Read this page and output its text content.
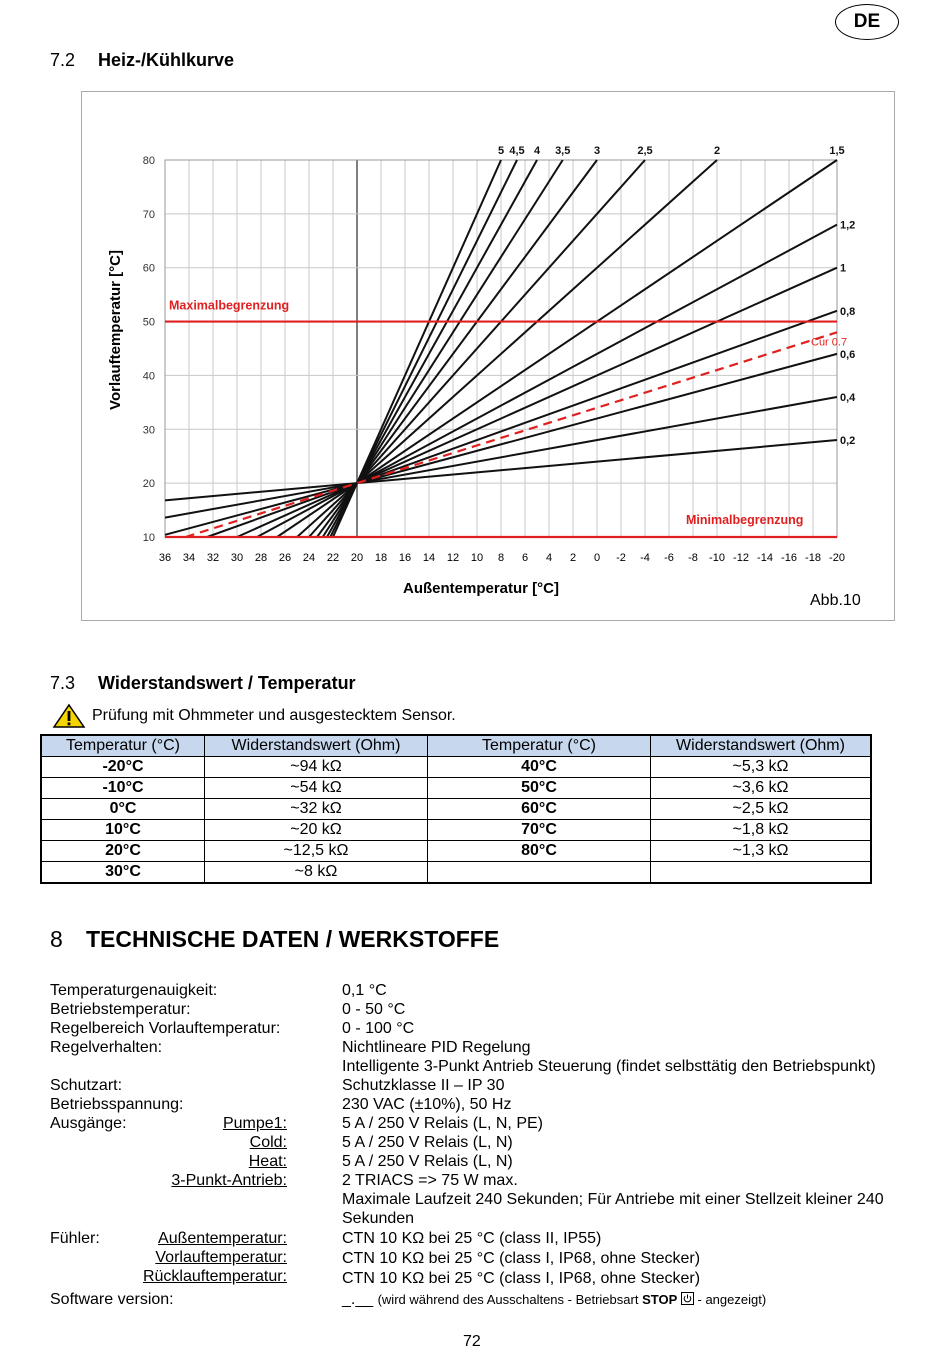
DE
7.2 Heiz-/Kühlkurve
36 34 32 30 28 26 24 22 20 18 16 14 12 10 8 6 4 2 0 -2 -4 -6 -8 -10 -12 -14 -16 -18 -20
80
70
60
50
40
30
20
10
Maximalbegrenzung
Minimalbegrenzung
5 4,5 4 3,5 3	2,5	2	1,5
1,2
1
0,8
0,6
0,4
0,2
Cur 0.7
Vorlauftemperatur [°C]
Außentemperatur [°C]
Abb.10
7.3 Widerstandswert / Temperatur
Prüfung mit Ohmmeter und ausgestecktem Sensor.
Temperatur (°C)	Widerstandswert (Ohm)	Temperatur (°C)	Widerstandswert (Ohm)
-20°C	~94 kΩ	40°C	~5,3 kΩ
-10°C	~54 kΩ	50°C	~3,6 kΩ
0°C	~32 kΩ	60°C	~2,5 kΩ
10°C	~20 kΩ	70°C	~1,8 kΩ
20°C	~12,5 kΩ	80°C	~1,3 kΩ
30°C	~8 kΩ		
8 TECHNISCHE DATEN / WERKSTOFFE
Temperaturgenauigkeit:	0,1 °C
Betriebstemperatur:	0 - 50 °C
Regelbereich Vorlauftemperatur:	0 - 100 °C
Regelverhalten:	Nichtlineare PID Regelung
Intelligente 3-Punkt Antrieb Steuerung (findet selbsttätig den Betriebspunkt)
Schutzart:	Schutzklasse II – IP 30
Betriebsspannung:	230 VAC (±10%), 50 Hz
Ausgänge:	Pumpe1:	5 A / 250 V Relais (L, N, PE)
Cold:	5 A / 250 V Relais (L, N)
Heat:	5 A / 250 V Relais (L, N)
3-Punkt-Antrieb:	2 TRIACS => 75 W max.
Maximale Laufzeit 240 Sekunden; Für Antriebe mit einer Stellzeit kleiner 240
Sekunden
Fühler:	Außentemperatur:	CTN 10 KΩ bei 25 °C (class II, IP55)
Vorlauftemperatur:	CTN 10 KΩ bei 25 °C (class I, IP68, ohne Stecker)
Rücklauftemperatur:	CTN 10 KΩ bei 25 °C (class I, IP68, ohne Stecker)
Software version:	_.__ (wird während des Ausschaltens - Betriebsart STOP - angezeigt)
72
